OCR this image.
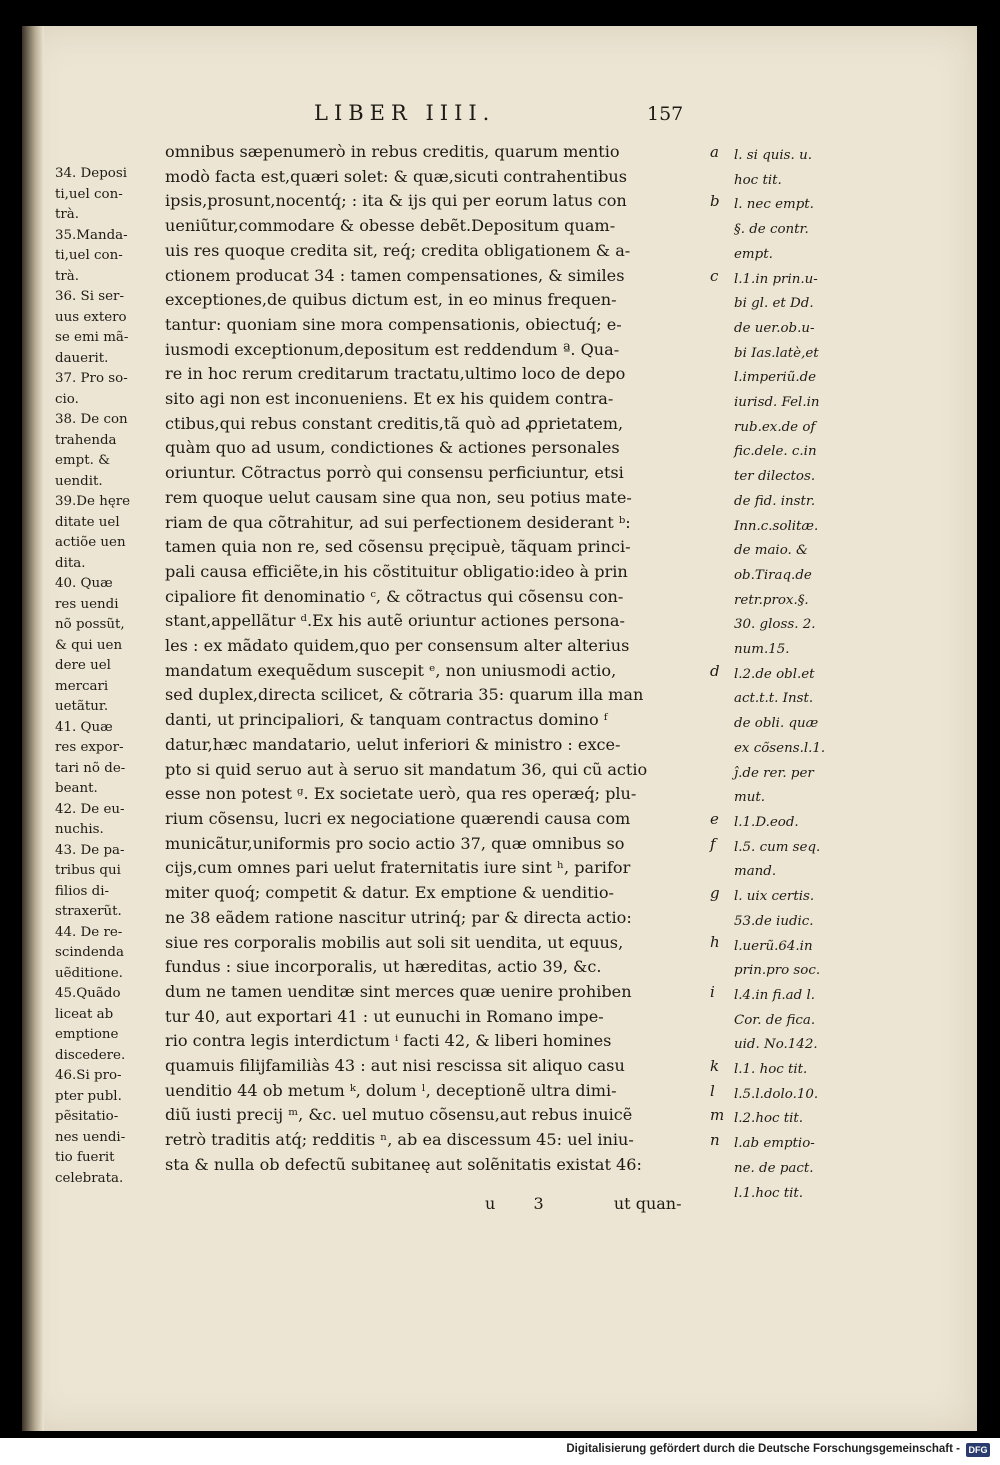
LIBER IIII.	157
34. Deposi
ti,uel con-
trà.
35.Manda-
ti,uel con-
trà.
36. Si ser-
uus extero
se emi mã-
dauerit.
37. Pro so-
cio.
38. De con
trahenda
empt. &
uendit.
39.De hęre
ditate uel
actiõe uen
dita.
40. Quæ
res uendi
nõ possũt,
& qui uen
dere uel
mercari
uetãtur.
41. Quæ
res expor-
tari nõ de-
beant.
42. De eu-
nuchis.
43. De pa-
tribus qui
filios di-
straxerũt.
44. De re-
scindenda
uẽditione.
45.Quãdo
liceat ab
emptione
discedere.
46.Si pro-
pter publ.
pẽsitatio-
nes uendi-
tio fuerit
celebrata.
omnibus sæpenumerò in rebus creditis, quarum mentio
modò facta est,quæri solet: & quæ,sicuti contrahentibus
ipsis,prosunt,nocentq́; : ita & ijs qui per eorum latus con
ueniũtur,commodare & obesse debẽt.Depositum quam-
uis res quoque credita sit, req́; credita obligationem & a-
ctionem producat 34 : tamen compensationes, & similes
exceptiones,de quibus dictum est, in eo minus frequen-
tantur: quoniam sine mora compensationis, obiectuq́; e-
iusmodi exceptionum,depositum est reddendum ª. Qua-
re in hoc rerum creditarum tractatu,ultimo loco de depo
sito agi non est inconueniens. Et ex his quidem contra-
ctibus,qui rebus constant creditis,tã quò ad ꝓprietatem,
quàm quo ad usum, condictiones & actiones personales
oriuntur. Cõtractus porrò qui consensu perficiuntur, etsi
rem quoque uelut causam sine qua non, seu potius mate-
riam de qua cõtrahitur, ad sui perfectionem desiderant ᵇ:
tamen quia non re, sed cõsensu pręcipuè, tãquam princi-
pali causa efficiẽte,in his cõstituitur obligatio:ideo à prin
cipaliore fit denominatio ᶜ, & cõtractus qui cõsensu con-
stant,appellãtur ᵈ.Ex his autẽ oriuntur actiones persona-
les : ex mãdato quidem,quo per consensum alter alterius
mandatum exequẽdum suscepit ᵉ, non uniusmodi actio,
sed duplex,directa scilicet, & cõtraria 35: quarum illa man
danti, ut principaliori, & tanquam contractus domino ᶠ
datur,hæc mandatario, uelut inferiori & ministro : exce-
pto si quid seruo aut à seruo sit mandatum 36, qui cũ actio
esse non potest ᵍ. Ex societate uerò, qua res operæq́; plu-
rium cõsensu, lucri ex negociatione quærendi causa com
municãtur,uniformis pro socio actio 37, quæ omnibus so
cijs,cum omnes pari uelut fraternitatis iure sint ʰ, parifor
miter quoq́; competit & datur. Ex emptione & uenditio-
ne 38 eãdem ratione nascitur utrinq́; par & directa actio:
siue res corporalis mobilis aut soli sit uendita, ut equus,
fundus : siue incorporalis, ut hæreditas, actio 39, &c.
dum ne tamen uenditæ sint merces quæ uenire prohiben
tur 40, aut exportari 41 : ut eunuchi in Romano impe-
rio contra legis interdictum ⁱ facti 42, & liberi homines
quamuis filijfamiliàs 43 : aut nisi rescissa sit aliquo casu
uenditio 44 ob metum ᵏ, dolum ˡ, deceptionẽ ultra dimi-
diũ iusti precij ᵐ, &c. uel mutuo cõsensu,aut rebus inuicẽ
retrò traditis atq́; redditis ⁿ, ab ea discessum 45: uel iniu-
sta & nulla ob defectũ subitaneę aut solẽnitatis existat 46:
a
b
c
d
e
f
g
h
i
k
l
m
n
l. si quis. u.
hoc tit.
l. nec empt.
§. de contr.
empt.
l.1.in prin.u-
bi gl. et Dd.
de uer.ob.u-
bi Ias.latè,et
l.imperiũ.de
iurisd. Fel.in
rub.ex.de of
fic.dele. c.in
ter dilectos.
de fid. instr.
Inn.c.solitæ.
de maio. &
ob.Tiraq.de
retr.prox.§.
30. gloss. 2.
num.15.
l.2.de obl.et
act.t.t. Inst.
de obli. quæ
ex cõsens.l.1.
ĵ.de rer. per
mut.
l.1.D.eod.
l.5. cum seq.
mand.
l. uix certis.
53.de iudic.
l.uerũ.64.in
prin.pro soc.
l.4.in fi.ad l.
Cor. de fica.
uid. No.142.
l.1. hoc tit.
l.5.l.dolo.10.
l.2.hoc tit.
l.ab emptio-
ne. de pact.
l.1.hoc tit.
u 3	ut quan-
Digitalisierung gefördert durch die Deutsche Forschungsgemeinschaft - DFG
